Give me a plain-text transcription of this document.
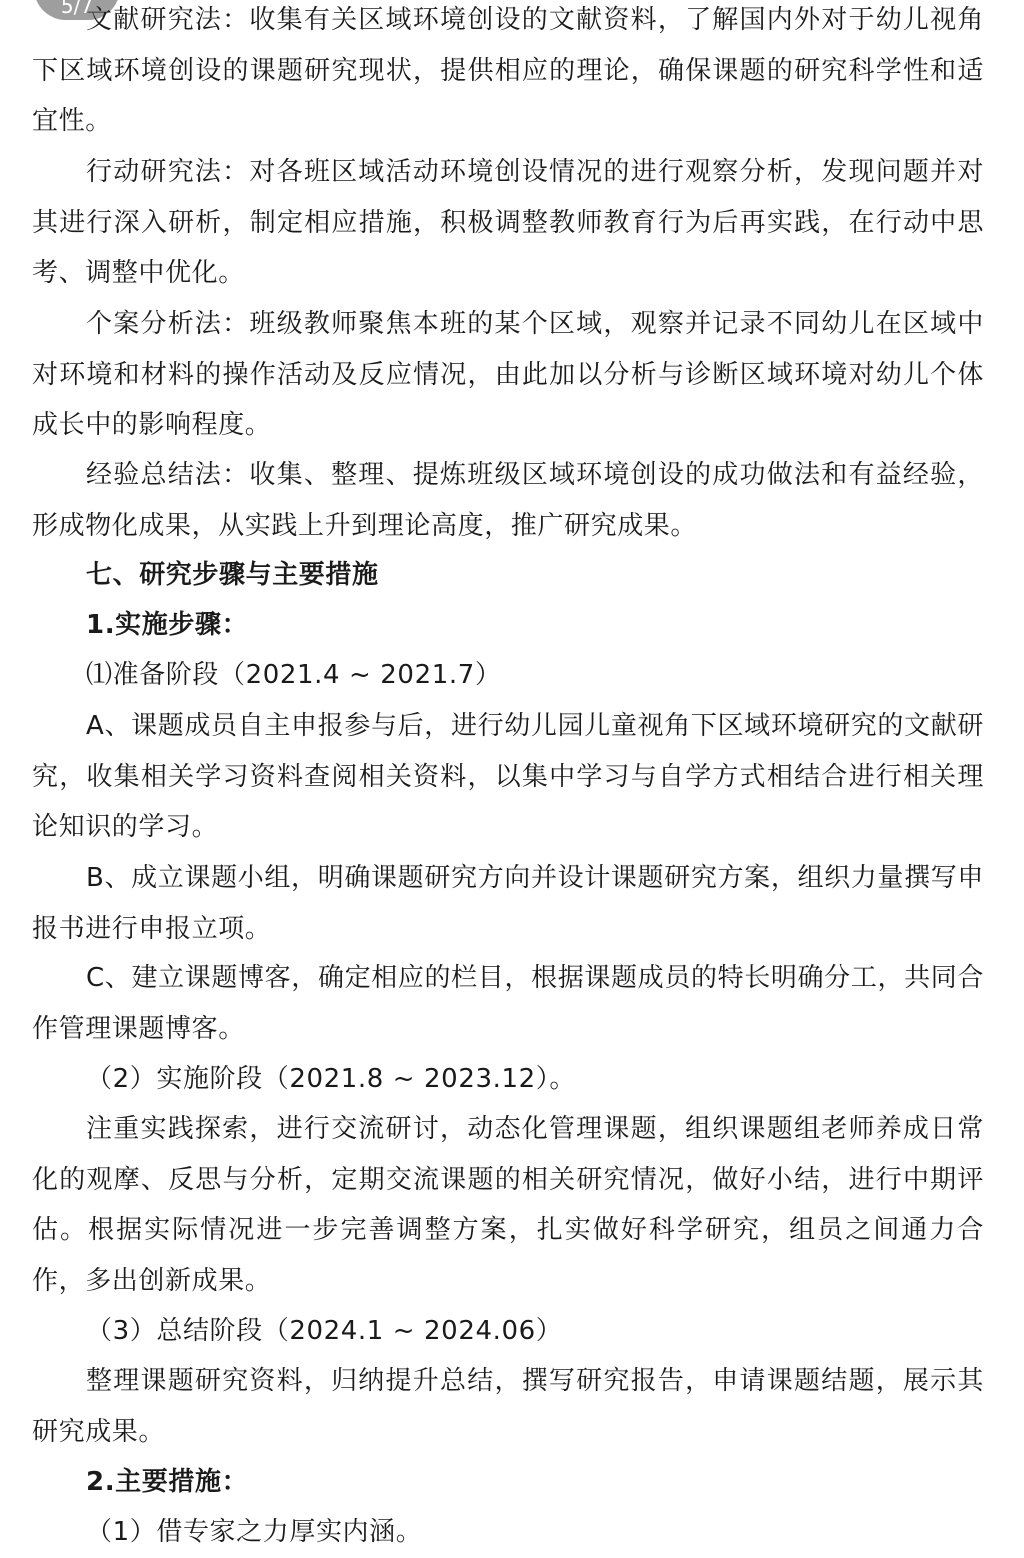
5/7

文献研究法：收集有关区域环境创设的文献资料，了解国内外对于幼儿视角下区域环境创设的课题研究现状，提供相应的理论，确保课题的研究科学性和适宜性。

行动研究法：对各班区域活动环境创设情况的进行观察分析，发现问题并对其进行深入研析，制定相应措施，积极调整教师教育行为后再实践，在行动中思考、调整中优化。

个案分析法：班级教师聚焦本班的某个区域，观察并记录不同幼儿在区域中对环境和材料的操作活动及反应情况，由此加以分析与诊断区域环境对幼儿个体成长中的影响程度。

经验总结法：收集、整理、提炼班级区域环境创设的成功做法和有益经验，形成物化成果，从实践上升到理论高度，推广研究成果。

七、研究步骤与主要措施

1.实施步骤：

⑴准备阶段（2021.4 ~ 2021.7）

A、课题成员自主申报参与后，进行幼儿园儿童视角下区域环境研究的文献研究，收集相关学习资料查阅相关资料，以集中学习与自学方式相结合进行相关理论知识的学习。

B、成立课题小组，明确课题研究方向并设计课题研究方案，组织力量撰写申报书进行申报立项。

C、建立课题博客，确定相应的栏目，根据课题成员的特长明确分工，共同合作管理课题博客。

（2）实施阶段（2021.8 ~ 2023.12）。

注重实践探索，进行交流研讨，动态化管理课题，组织课题组老师养成日常化的观摩、反思与分析，定期交流课题的相关研究情况，做好小结，进行中期评估。根据实际情况进一步完善调整方案，扎实做好科学研究，组员之间通力合作，多出创新成果。

（3）总结阶段（2024.1 ~ 2024.06）

整理课题研究资料，归纳提升总结，撰写研究报告，申请课题结题，展示其研究成果。

2.主要措施：

（1）借专家之力厚实内涵。
